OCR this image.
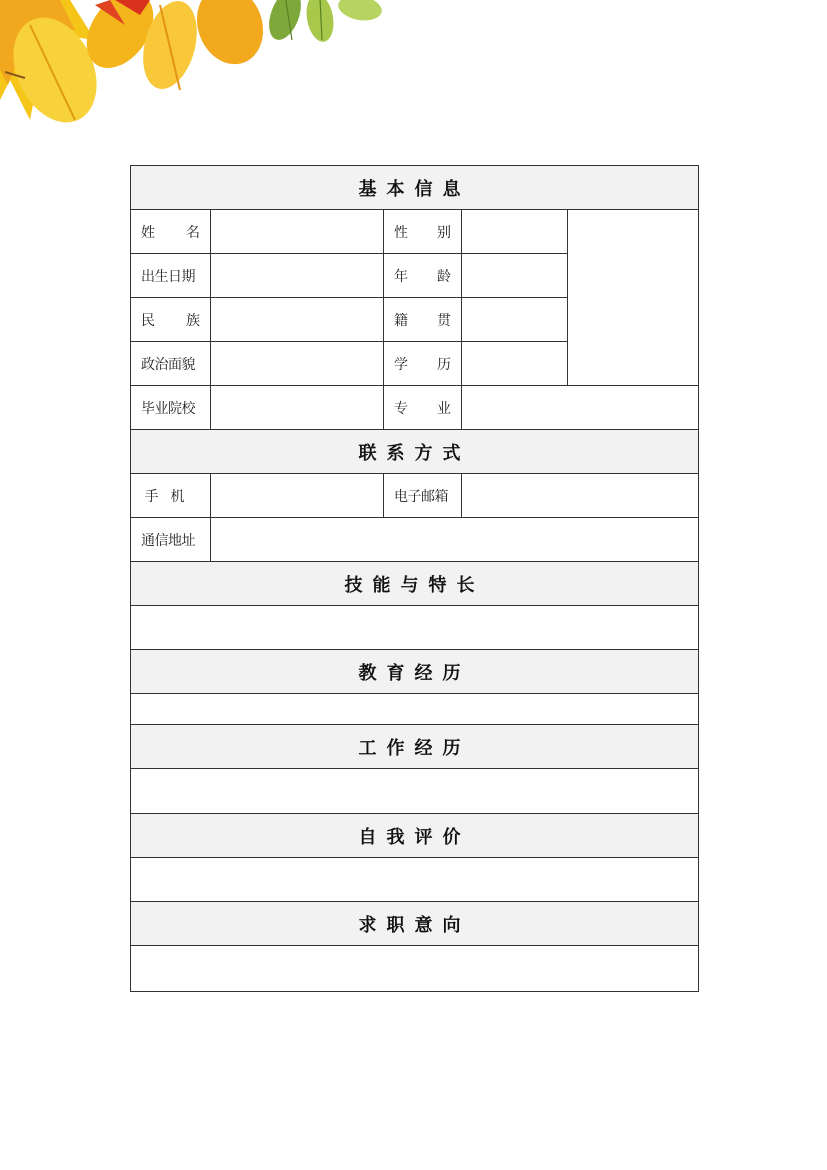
基本信息				
姓名		性别		
出生日期		年龄		
民族		籍贯		
政治面貌		学历		
毕业院校		专业		
联系方式				
手机		电子邮箱		
通信地址				
技能与特长				

教育经历				

工作经历				

自我评价				

求职意向				
